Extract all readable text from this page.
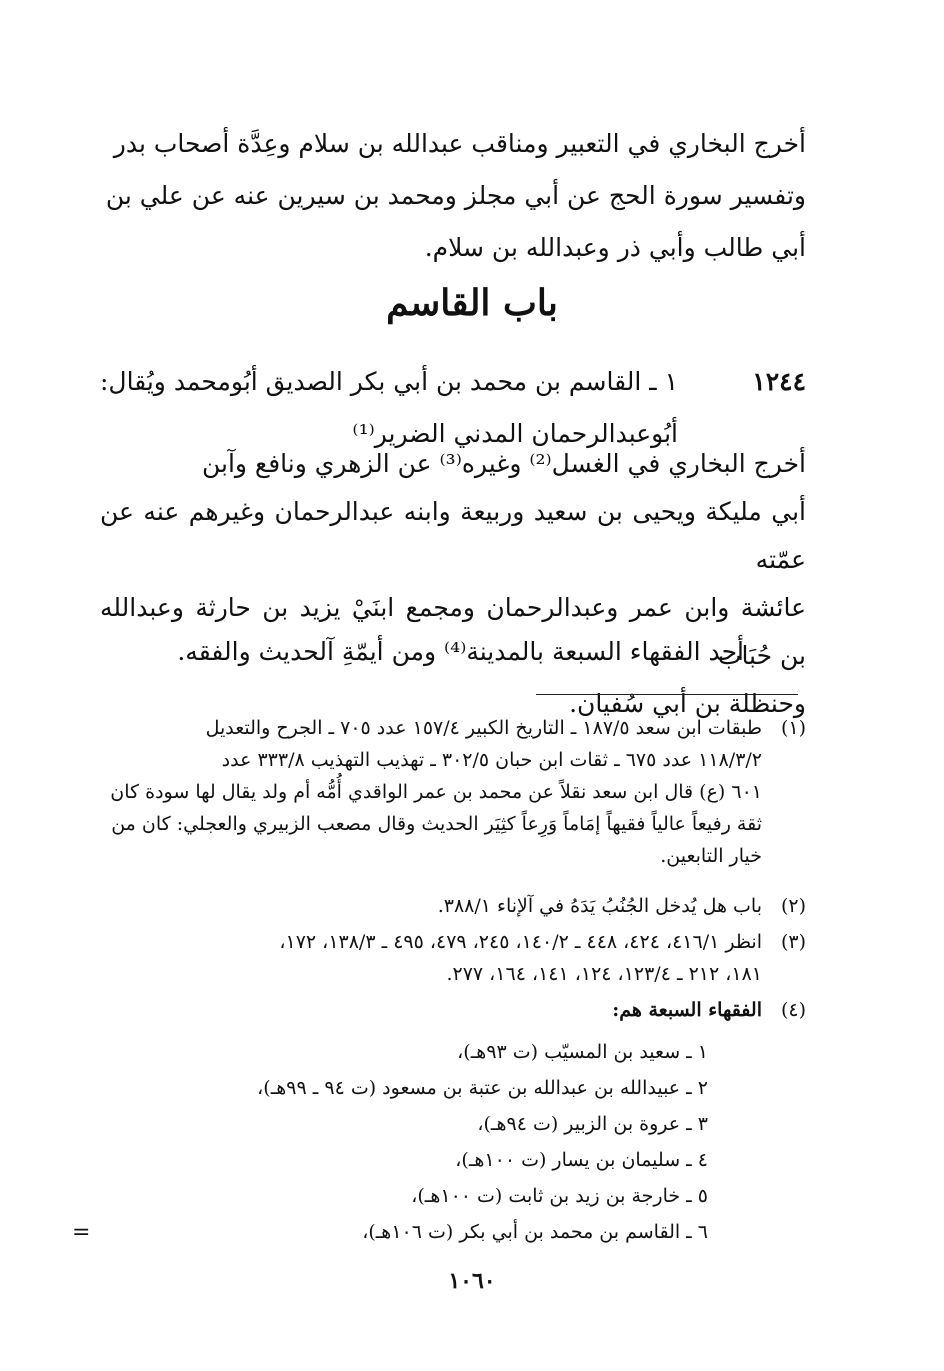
أخرج البخاري في التعبير ومناقب عبدالله بن سلام وعِدَّة أصحاب بدر
وتفسير سورة الحج عن أبي مجلز ومحمد بن سيرين عنه عن علي بن
أبي طالب وأبي ذر وعبدالله بن سلام.
باب القاسم
١٢٤٤
١ ـ القاسم بن محمد بن أبي بكر الصديق أبُومحمد ويُقال:
أبُوعبدالرحمان المدني الضرير⁽¹⁾
أخرج البخاري في الغسل⁽²⁾ وغيره⁽³⁾ عن الزهري ونافع وآبن
أبي مليكة ويحيى بن سعيد وربيعة وابنه عبدالرحمان وغيرهم عنه عن عمّته
عائشة وابن عمر وعبدالرحمان ومجمع ابنَيْ يزيد بن حارثة وعبدالله بن حُبَاب
وحنظلة بن أبي سُفيان.
أحد الفقهاء السبعة بالمدينة⁽⁴⁾ ومن أيمّةِ آلحديث والفقه.
(١)
طبقات ابن سعد ١٨٧/٥ ـ التاريخ الكبير ١٥٧/٤ عدد ٧٠٥ ـ الجرح والتعديل
١١٨/٣/٢ عدد ٦٧٥ ـ ثقات ابن حبان ٣٠٢/٥ ـ تهذيب التهذيب ٣٣٣/٨ عدد
٦٠١ (ع) قال ابن سعد نقلاً عن محمد بن عمر الواقدي أُمُّه أم ولد يقال لها سودة كان
ثقة رفيعاً عالياً فقيهاً إمَاماً وَرِعاً كثِيَر الحديث وقال مصعب الزبيري والعجلي: كان من
خيار التابعين.
(٢)
باب هل يُدخل الجُنُبُ يَدَهُ في آلإناء ٣٨٨/١.
(٣)
انظر ٤١٦/١، ٤٢٤، ٤٤٨ ـ ١٤٠/٢، ٢٤٥، ٤٧٩، ٤٩٥ ـ ١٣٨/٣، ١٧٢،
١٨١، ٢١٢ ـ ١٢٣/٤، ١٢٤، ١٤١، ١٦٤، ٢٧٧.
(٤)
الفقهاء السبعة هم:
١ ـ سعيد بن المسيّب (ت ٩٣هـ)،
٢ ـ عبيدالله بن عبدالله بن عتبة بن مسعود (ت ٩٤ ـ ٩٩هـ)،
٣ ـ عروة بن الزبير (ت ٩٤هـ)،
٤ ـ سليمان بن يسار (ت ١٠٠هـ)،
٥ ـ خارجة بن زيد بن ثابت (ت ١٠٠هـ)،
٦ ـ القاسم بن محمد بن أبي بكر (ت ١٠٦هـ)،
=
١٠٦٠
